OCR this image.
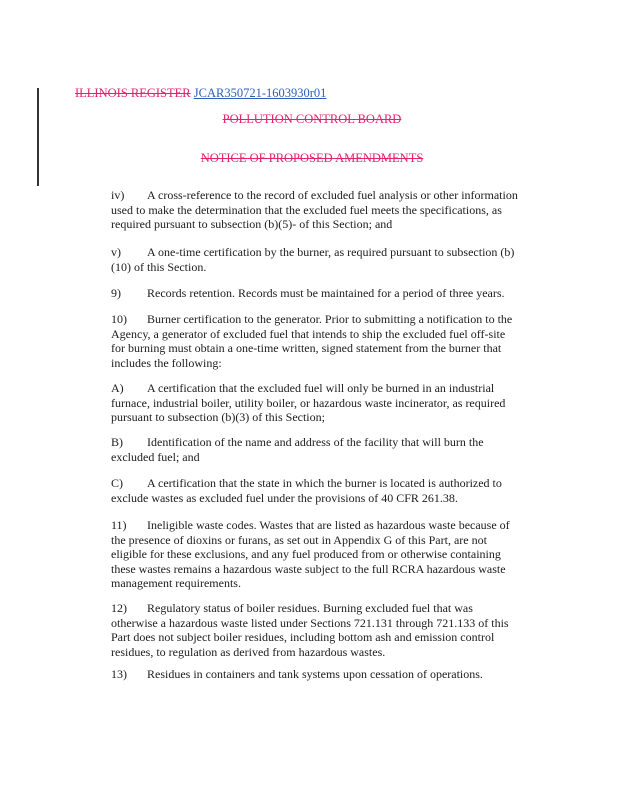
ILLINOIS REGISTER JCAR350721-1603930r01
POLLUTION CONTROL BOARD
NOTICE OF PROPOSED AMENDMENTS
iv) A cross-reference to the record of excluded fuel analysis or other information used to make the determination that the excluded fuel meets the specifications, as required pursuant to subsection (b)(5)- of this Section; and
v) A one-time certification by the burner, as required pursuant to subsection (b)(10) of this Section.
9) Records retention. Records must be maintained for a period of three years.
10) Burner certification to the generator. Prior to submitting a notification to the Agency, a generator of excluded fuel that intends to ship the excluded fuel off-site for burning must obtain a one-time written, signed statement from the burner that includes the following:
A) A certification that the excluded fuel will only be burned in an industrial furnace, industrial boiler, utility boiler, or hazardous waste incinerator, as required pursuant to subsection (b)(3) of this Section;
B) Identification of the name and address of the facility that will burn the excluded fuel; and
C) A certification that the state in which the burner is located is authorized to exclude wastes as excluded fuel under the provisions of 40 CFR 261.38.
11) Ineligible waste codes. Wastes that are listed as hazardous waste because of the presence of dioxins or furans, as set out in Appendix G of this Part, are not eligible for these exclusions, and any fuel produced from or otherwise containing these wastes remains a hazardous waste subject to the full RCRA hazardous waste management requirements.
12) Regulatory status of boiler residues. Burning excluded fuel that was otherwise a hazardous waste listed under Sections 721.131 through 721.133 of this Part does not subject boiler residues, including bottom ash and emission control residues, to regulation as derived from hazardous wastes.
13) Residues in containers and tank systems upon cessation of operations.
